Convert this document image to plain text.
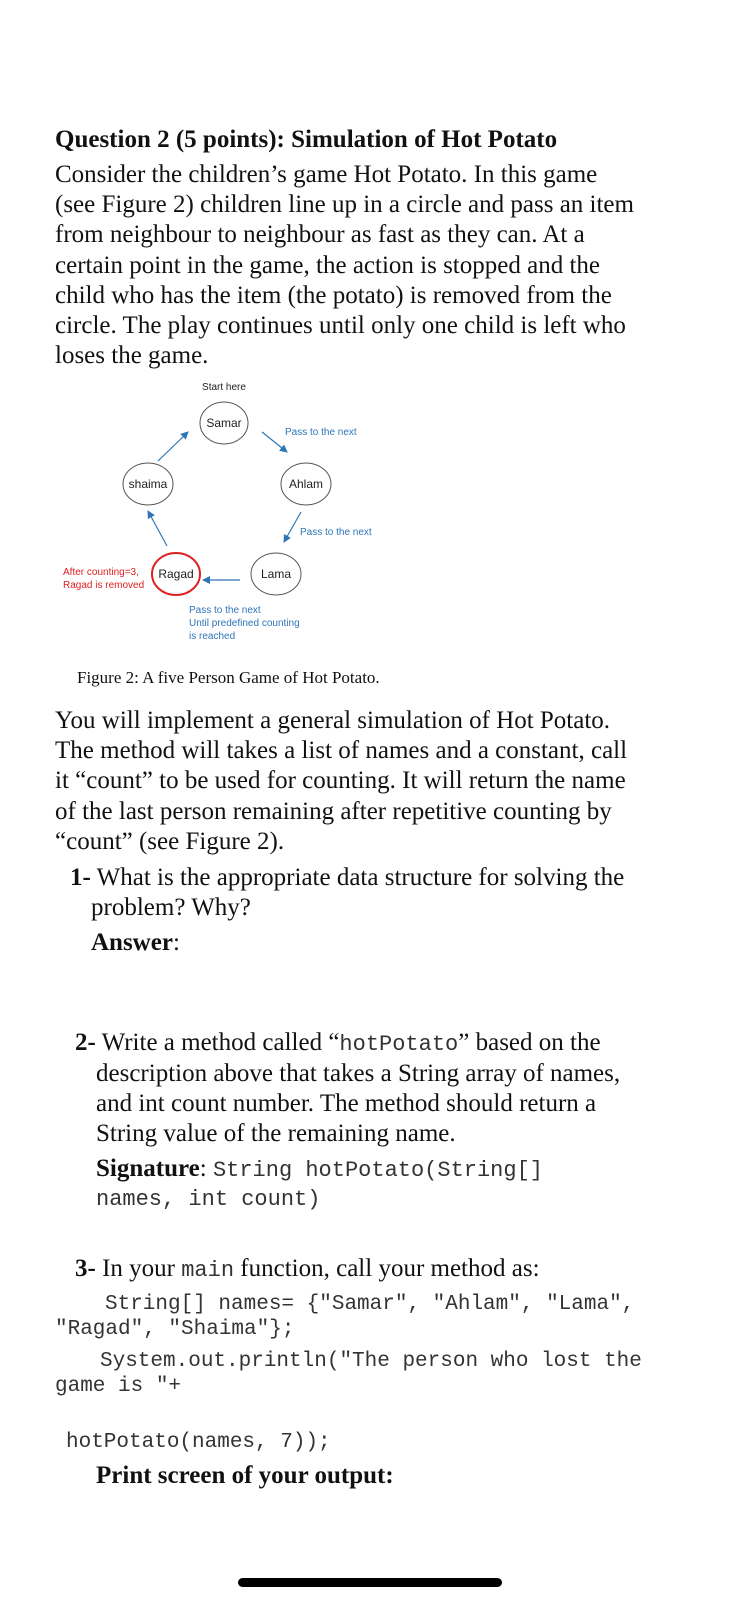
Question 2 (5 points): Simulation of Hot Potato
Consider the children’s game Hot Potato. In this game
(see Figure 2) children line up in a circle and pass an item
from neighbour to neighbour as fast as they can. At a
certain point in the game, the action is stopped and the
child who has the item (the potato) is removed from the
circle. The play continues until only one child is left who
loses the game.
Start here
Samar
shaima	Ahlam
Lama
Ragad
Pass to the next
Pass to the next
After counting=3,
Ragad is removed
Pass to the next
Until predefined counting
is reached
Figure 2: A five Person Game of Hot Potato.
You will implement a general simulation of Hot Potato.
The method will takes a list of names and a constant, call
it “count” to be used for counting. It will return the name
of the last person remaining after repetitive counting by
“count” (see Figure 2).
1- What is the appropriate data structure for solving the
problem? Why?
Answer:
2- Write a method called “hotPotato” based on the
description above that takes a String array of names,
and int count number. The method should return a
String value of the remaining name.
Signature: String hotPotato(String[]
names, int count)
3- In your main function, call your method as:
String[] names= {"Samar", "Ahlam", "Lama",
"Ragad", "Shaima"};
System.out.println("The person who lost the
game is "+
hotPotato(names, 7));
Print screen of your output:
